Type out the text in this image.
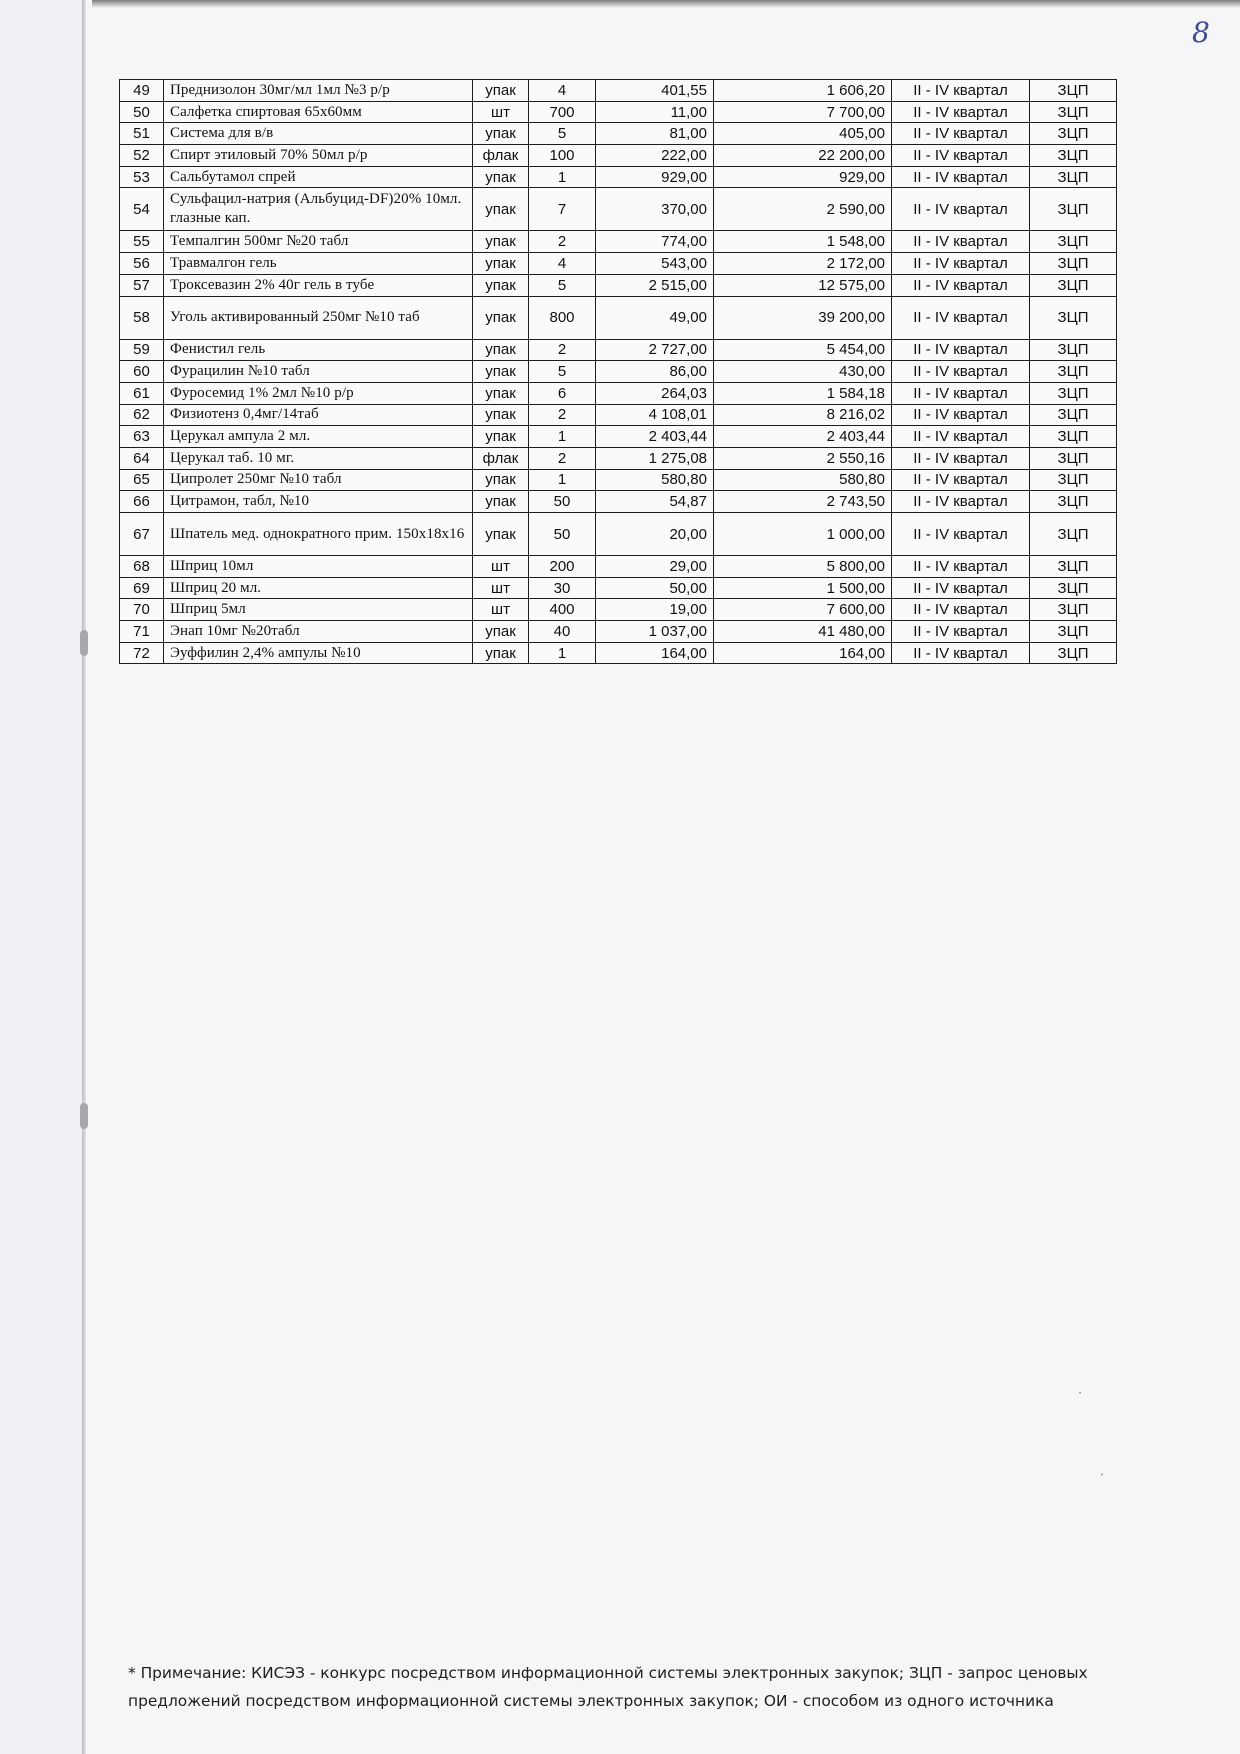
8
49	Преднизолон 30мг/мл 1мл №3 р/р	упак	4	401,55	1 606,20	II - IV квартал	ЗЦП
50	Салфетка спиртовая 65х60мм	шт	700	11,00	7 700,00	II - IV квартал	ЗЦП
51	Система для в/в	упак	5	81,00	405,00	II - IV квартал	ЗЦП
52	Спирт этиловый 70% 50мл р/р	флак	100	222,00	22 200,00	II - IV квартал	ЗЦП
53	Сальбутамол спрей	упак	1	929,00	929,00	II - IV квартал	ЗЦП
54	Сульфацил-натрия (Альбуцид-DF)20% 10мл. глазные кап.	упак	7	370,00	2 590,00	II - IV квартал	ЗЦП
55	Темпалгин 500мг №20 табл	упак	2	774,00	1 548,00	II - IV квартал	ЗЦП
56	Травмалгон гель	упак	4	543,00	2 172,00	II - IV квартал	ЗЦП
57	Троксевазин 2% 40г гель в тубе	упак	5	2 515,00	12 575,00	II - IV квартал	ЗЦП
58	Уголь активированный 250мг №10 таб	упак	800	49,00	39 200,00	II - IV квартал	ЗЦП
59	Фенистил гель	упак	2	2 727,00	5 454,00	II - IV квартал	ЗЦП
60	Фурацилин №10 табл	упак	5	86,00	430,00	II - IV квартал	ЗЦП
61	Фуросемид 1% 2мл №10 р/р	упак	6	264,03	1 584,18	II - IV квартал	ЗЦП
62	Физиотенз 0,4мг/14таб	упак	2	4 108,01	8 216,02	II - IV квартал	ЗЦП
63	Церукал ампула 2 мл.	упак	1	2 403,44	2 403,44	II - IV квартал	ЗЦП
64	Церукал таб. 10 мг.	флак	2	1 275,08	2 550,16	II - IV квартал	ЗЦП
65	Ципролет 250мг №10 табл	упак	1	580,80	580,80	II - IV квартал	ЗЦП
66	Цитрамон, табл, №10	упак	50	54,87	2 743,50	II - IV квартал	ЗЦП
67	Шпатель мед. однократного прим. 150х18х16	упак	50	20,00	1 000,00	II - IV квартал	ЗЦП
68	Шприц 10мл	шт	200	29,00	5 800,00	II - IV квартал	ЗЦП
69	Шприц 20 мл.	шт	30	50,00	1 500,00	II - IV квартал	ЗЦП
70	Шприц 5мл	шт	400	19,00	7 600,00	II - IV квартал	ЗЦП
71	Энап 10мг №20табл	упак	40	1 037,00	41 480,00	II - IV квартал	ЗЦП
72	Эуффилин 2,4% ампулы №10	упак	1	164,00	164,00	II - IV квартал	ЗЦП
* Примечание: КИСЭЗ - конкурс посредством информационной системы электронных закупок; ЗЦП - запрос ценовых
предложений посредством информационной системы электронных закупок; ОИ - способом из одного источника
·
·
